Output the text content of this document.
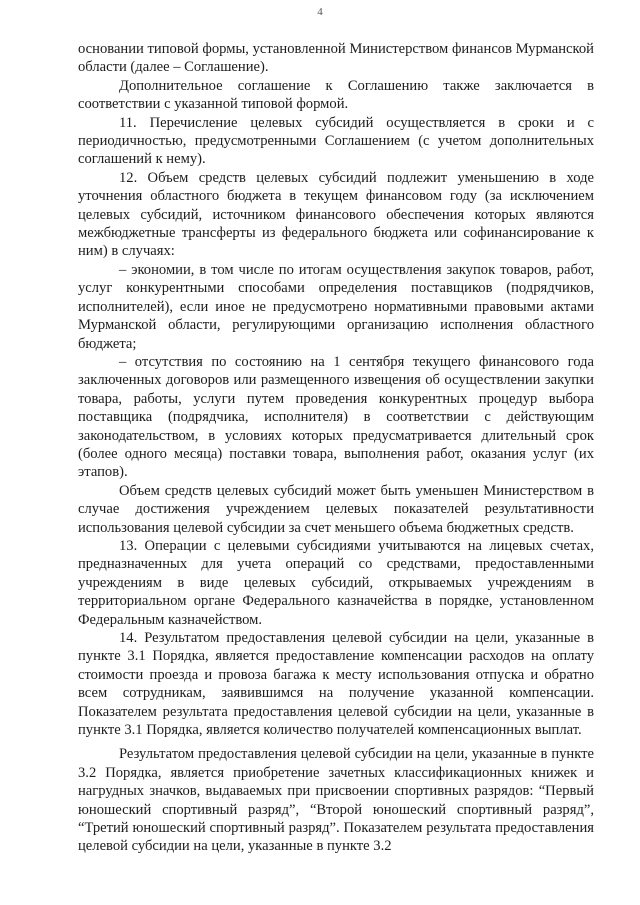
4

основании типовой формы, установленной Министерством финансов Мурманской области (далее – Соглашение).

Дополнительное соглашение к Соглашению также заключается в соответствии с указанной типовой формой.

11. Перечисление целевых субсидий осуществляется в сроки и с периодичностью, предусмотренными Соглашением (с учетом дополнительных соглашений к нему).

12. Объем средств целевых субсидий подлежит уменьшению в ходе уточнения областного бюджета в текущем финансовом году (за исключением целевых субсидий, источником финансового обеспечения которых являются межбюджетные трансферты из федерального бюджета или софинансирование к ним) в случаях:

– экономии, в том числе по итогам осуществления закупок товаров, работ, услуг конкурентными способами определения поставщиков (подрядчиков, исполнителей), если иное не предусмотрено нормативными правовыми актами Мурманской области, регулирующими организацию исполнения областного бюджета;

– отсутствия по состоянию на 1 сентября текущего финансового года заключенных договоров или размещенного извещения об осуществлении закупки товара, работы, услуги путем проведения конкурентных процедур выбора поставщика (подрядчика, исполнителя) в соответствии с действующим законодательством, в условиях которых предусматривается длительный срок (более одного месяца) поставки товара, выполнения работ, оказания услуг (их этапов).

Объем средств целевых субсидий может быть уменьшен Министерством в случае достижения учреждением целевых показателей результативности использования целевой субсидии за счет меньшего объема бюджетных средств.

13. Операции с целевыми субсидиями учитываются на лицевых счетах, предназначенных для учета операций со средствами, предоставленными учреждениям в виде целевых субсидий, открываемых учреждениям в территориальном органе Федерального казначейства в порядке, установленном Федеральным казначейством.

14. Результатом предоставления целевой субсидии на цели, указанные в пункте 3.1 Порядка, является предоставление компенсации расходов на оплату стоимости проезда и провоза багажа к месту использования отпуска и обратно всем сотрудникам, заявившимся на получение указанной компенсации. Показателем результата предоставления целевой субсидии на цели, указанные в пункте 3.1 Порядка, является количество получателей компенсационных выплат.

Результатом предоставления целевой субсидии на цели, указанные в пункте 3.2 Порядка, является приобретение зачетных классификационных книжек и нагрудных значков, выдаваемых при присвоении спортивных разрядов: “Первый юношеский спортивный разряд”, “Второй юношеский спортивный разряд”, “Третий юношеский спортивный разряд”. Показателем результата предоставления целевой субсидии на цели, указанные в пункте 3.2
